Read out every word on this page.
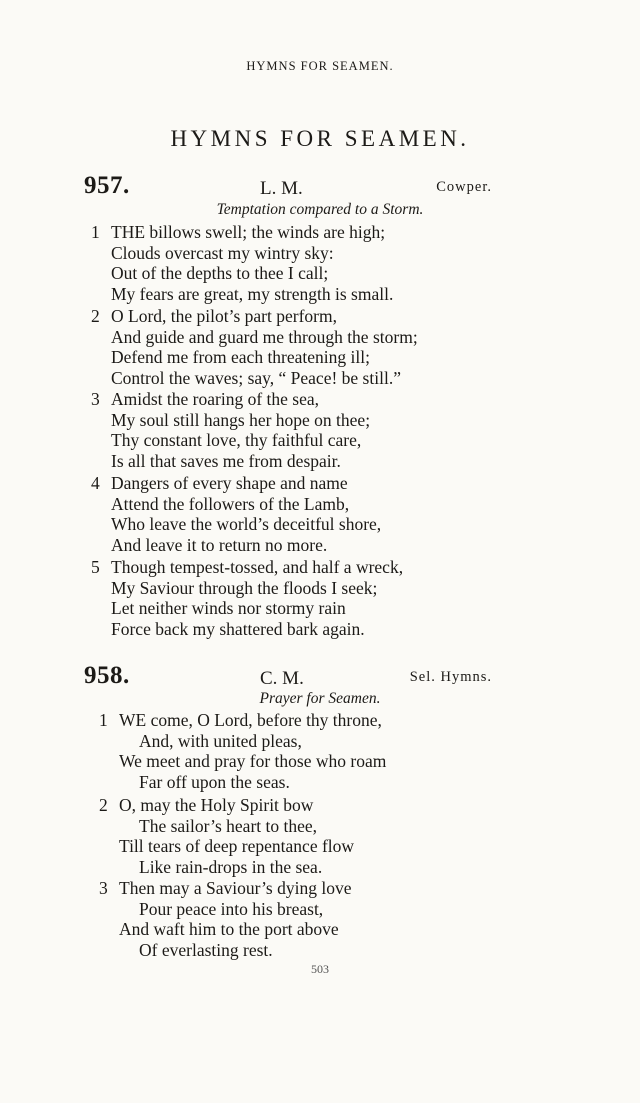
HYMNS FOR SEAMEN.
HYMNS FOR SEAMEN.
957.	L. M.	Cowper.
Temptation compared to a Storm.
958.	C. M.	Sel. Hymns.
Prayer for Seamen.
1 THE billows swell; the winds are high;
Clouds overcast my wintry sky:
Out of the depths to thee I call;
My fears are great, my strength is small.
2 O Lord, the pilot’s part perform,
And guide and guard me through the storm;
Defend me from each threatening ill;
Control the waves; say, “ Peace! be still.”
3 Amidst the roaring of the sea,
My soul still hangs her hope on thee;
Thy constant love, thy faithful care,
Is all that saves me from despair.
4 Dangers of every shape and name
Attend the followers of the Lamb,
Who leave the world’s deceitful shore,
And leave it to return no more.
5 Though tempest-tossed, and half a wreck,
My Saviour through the floods I seek;
Let neither winds nor stormy rain
Force back my shattered bark again.
1 WE come, O Lord, before thy throne,
And, with united pleas,
We meet and pray for those who roam
Far off upon the seas.
2 O, may the Holy Spirit bow
The sailor’s heart to thee,
Till tears of deep repentance flow
Like rain-drops in the sea.
3 Then may a Saviour’s dying love
Pour peace into his breast,
And waft him to the port above
Of everlasting rest.
503
